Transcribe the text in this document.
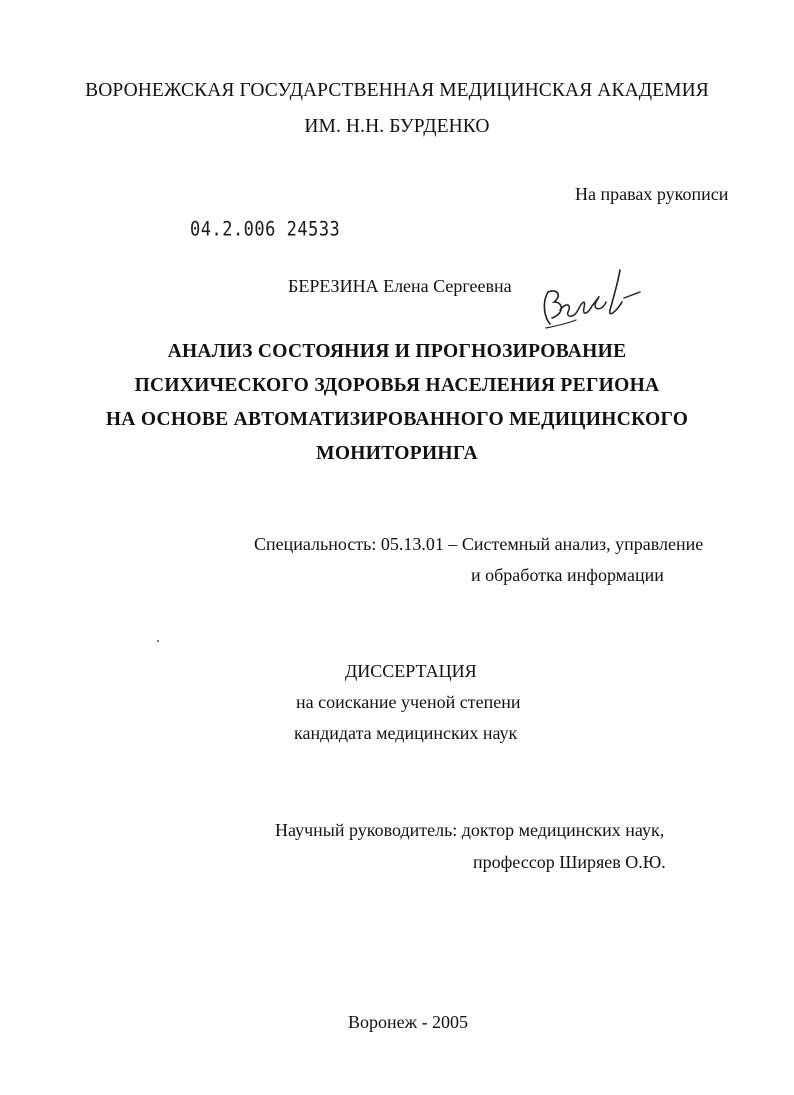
ВОРОНЕЖСКАЯ ГОСУДАРСТВЕННАЯ МЕДИЦИНСКАЯ АКАДЕМИЯ
ИМ. Н.Н. БУРДЕНКО
На правах рукописи
04.2.006 24533
БЕРЕЗИНА Елена Сергеевна
АНАЛИЗ СОСТОЯНИЯ И ПРОГНОЗИРОВАНИЕ
ПСИХИЧЕСКОГО ЗДОРОВЬЯ НАСЕЛЕНИЯ РЕГИОНА
НА ОСНОВЕ АВТОМАТИЗИРОВАННОГО МЕДИЦИНСКОГО
МОНИТОРИНГА
Специальность: 05.13.01 – Системный анализ, управление
и обработка информации
ДИССЕРТАЦИЯ
на соискание ученой степени
кандидата медицинских наук
Научный руководитель: доктор медицинских наук,
профессор Ширяев О.Ю.
Воронеж - 2005
